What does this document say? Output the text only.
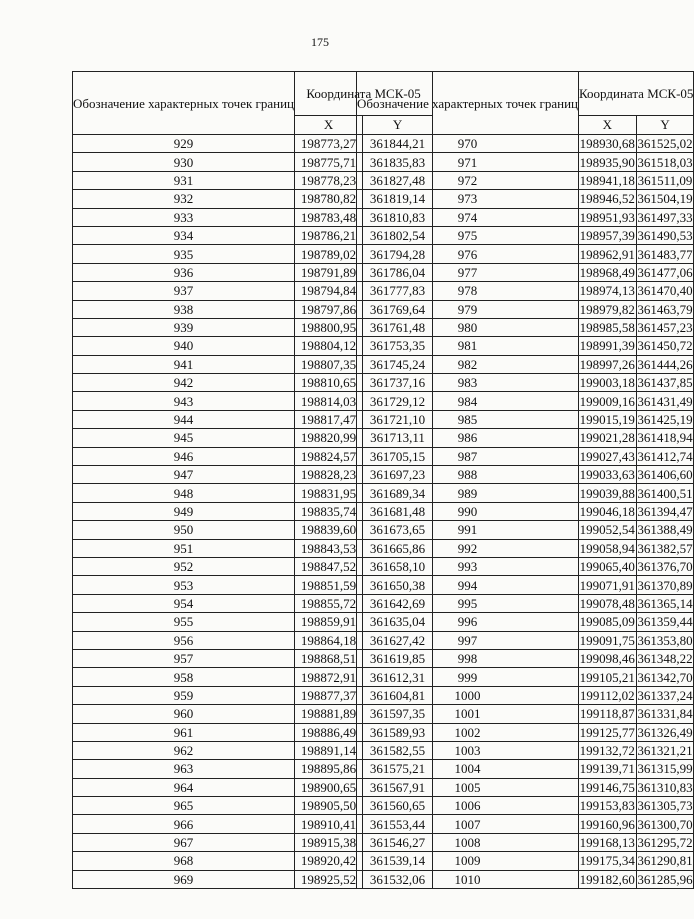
175
Обозначение характерных точек границ	Координата МСК-05	
	X	Y
929	198773,27	361844,21
930	198775,71	361835,83
931	198778,23	361827,48
932	198780,82	361819,14
933	198783,48	361810,83
934	198786,21	361802,54
935	198789,02	361794,28
936	198791,89	361786,04
937	198794,84	361777,83
938	198797,86	361769,64
939	198800,95	361761,48
940	198804,12	361753,35
941	198807,35	361745,24
942	198810,65	361737,16
943	198814,03	361729,12
944	198817,47	361721,10
945	198820,99	361713,11
946	198824,57	361705,15
947	198828,23	361697,23
948	198831,95	361689,34
949	198835,74	361681,48
950	198839,60	361673,65
951	198843,53	361665,86
952	198847,52	361658,10
953	198851,59	361650,38
954	198855,72	361642,69
955	198859,91	361635,04
956	198864,18	361627,42
957	198868,51	361619,85
958	198872,91	361612,31
959	198877,37	361604,81
960	198881,89	361597,35
961	198886,49	361589,93
962	198891,14	361582,55
963	198895,86	361575,21
964	198900,65	361567,91
965	198905,50	361560,65
966	198910,41	361553,44
967	198915,38	361546,27
968	198920,42	361539,14
969	198925,52	361532,06
Обозначение характерных точек границ	Координата МСК-05	
	X	Y
970	198930,68	361525,02
971	198935,90	361518,03
972	198941,18	361511,09
973	198946,52	361504,19
974	198951,93	361497,33
975	198957,39	361490,53
976	198962,91	361483,77
977	198968,49	361477,06
978	198974,13	361470,40
979	198979,82	361463,79
980	198985,58	361457,23
981	198991,39	361450,72
982	198997,26	361444,26
983	199003,18	361437,85
984	199009,16	361431,49
985	199015,19	361425,19
986	199021,28	361418,94
987	199027,43	361412,74
988	199033,63	361406,60
989	199039,88	361400,51
990	199046,18	361394,47
991	199052,54	361388,49
992	199058,94	361382,57
993	199065,40	361376,70
994	199071,91	361370,89
995	199078,48	361365,14
996	199085,09	361359,44
997	199091,75	361353,80
998	199098,46	361348,22
999	199105,21	361342,70
1000	199112,02	361337,24
1001	199118,87	361331,84
1002	199125,77	361326,49
1003	199132,72	361321,21
1004	199139,71	361315,99
1005	199146,75	361310,83
1006	199153,83	361305,73
1007	199160,96	361300,70
1008	199168,13	361295,72
1009	199175,34	361290,81
1010	199182,60	361285,96
